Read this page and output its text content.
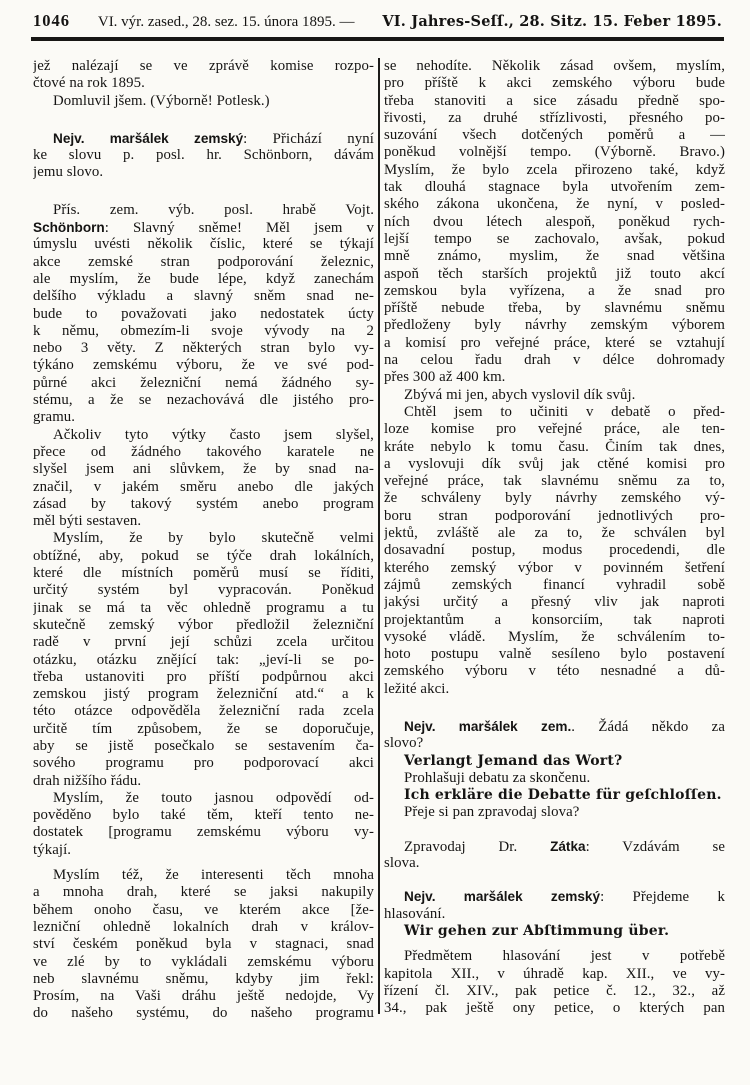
1046 VI. výr. zased., 28. sez. 15. února 1895. — VI. Jahres-Seſſ., 28. Sitz. 15. Feber 1895.
jež nalézají se ve zprávě komise rozpo-
čtové na rok 1895.
Domluvil jšem. (Výborně! Potlesk.)
Nejv. maršálek zemský: Přichází nyní
ke slovu p. posl. hr. Schönborn, dávám
jemu slovo.
Přís. zem. výb. posl. hrabě Vojt.
Schönborn: Slavný sněme! Měl jsem v
úmyslu uvésti několik číslic, které se týkají
akce zemské stran podporování železnic,
ale myslím, že bude lépe, když zanechám
delšího výkladu a slavný sněm snad ne-
bude to považovati jako nedostatek úcty
k němu, obmezím-li svoje vývody na 2
nebo 3 věty. Z některých stran bylo vy-
týkáno zemskému výboru, že ve své pod-
půrné akci železniční nemá žádného sy-
stému, a že se nezachovává dle jistého pro-
gramu.
Ačkoliv tyto výtky často jsem slyšel,
přece od žádného takového karatele ne
slyšel jsem ani slůvkem, že by snad na-
značil, v jakém směru anebo dle jakých
zásad by takový systém anebo program
měl býti sestaven.
Myslím, že by bylo skutečně velmi
obtížné, aby, pokud se týče drah lokálních,
které dle místních poměrů musí se říditi,
určitý systém byl vypracován. Poněkud
jinak se má ta věc ohledně programu a tu
skutečně zemský výbor předložil železniční
radě v první její schůzi zcela určitou
otázku, otázku znějící tak: „jeví-li se po-
třeba ustanoviti pro příští podpůrnou akci
zemskou jistý program železniční atd.“ a k
této otázce odpověděla železniční rada zcela
určitě tím způsobem, že se doporučuje,
aby se jistě posečkalo se sestavením ča-
sového programu pro podporovací akci
drah nižšího řádu.
Myslím, že touto jasnou odpovědí od-
pověděno bylo také těm, kteří tento ne-
dostatek [programu zemskému výboru vy-
týkají.
Myslím též, že interesenti těch mnoha
a mnoha drah, které se jaksi nakupily
během onoho času, ve kterém akce [že-
lezniční ohledně lokalních drah v králov-
ství českém poněkud byla v stagnaci, snad
ve zlé by to vykládali zemskému výboru
neb slavnému sněmu, kdyby jim řekl:
Prosím, na Vaši dráhu ještě nedojde, Vy
do našeho systému, do našeho programu
se nehodíte. Několik zásad ovšem, myslím,
pro příště k akci zemského výboru bude
třeba stanoviti a sice zásadu předně spo-
řivosti, za druhé střízlivosti, přesného po-
suzování všech dotčených poměrů a —
poněkud volnější tempo. (Výborně. Bravo.)
Myslím, že bylo zcela přirozeno také, když
tak dlouhá stagnace byla utvořením zem-
ského zákona ukončena, že nyní, v posled-
ních dvou létech alespoň, poněkud rych-
lejší tempo se zachovalo, avšak, pokud
mně známo, myslim, že snad většina
aspoň těch starších projektů již touto akcí
zemskou byla vyřízena, a že snad pro
příště nebude třeba, by slavnému sněmu
předloženy byly návrhy zemským výborem
a komisí pro veřejné práce, které se vztahují
na celou řadu drah v délce dohromady
přes 300 až 400 km.
Zbývá mi jen, abych vyslovil dík svůj.
Chtěl jsem to učiniti v debatě o před-
loze komise pro veřejné práce, ale ten-
kráte nebylo k tomu času. Činím tak dnes,
a vyslovuji dík svůj jak ctěné komisi pro
veřejné práce, tak slavnému sněmu za to,
že schváleny byly návrhy zemského vý-
boru stran podporování jednotlivých pro-
jektů, zvláště ale za to, že schválen byl
dosavadní postup, modus procedendi, dle
kterého zemský výbor v povinném šetření
zájmů zemských financí vyhradil sobě
jakýsi určitý a přesný vliv jak naproti
projektantům a konsorciím, tak naproti
vysoké vládě. Myslím, že schválením to-
hoto postupu valně sesíleno bylo postavení
zemského výboru v této nesnadné a dů-
ležité akci.
Nejv. maršálek zem.. Žádá někdo za
slovo?
Verlangt Jemand das Wort?
Prohlašuji debatu za skončenu.
Ich erkläre die Debatte für geſchloſſen.
Přeje si pan zpravodaj slova?
Zpravodaj Dr. Zátka: Vzdávám se
slova.
Nejv. maršálek zemský: Přejdeme k
hlasování.
Wir gehen zur Abſtimmung über.
Předmětem hlasování jest v potřebě
kapitola XII., v úhradě kap. XII., ve vy-
řízení čl. XIV., pak petice č. 12., 32., až
34., pak ještě ony petice, o kterých pan
